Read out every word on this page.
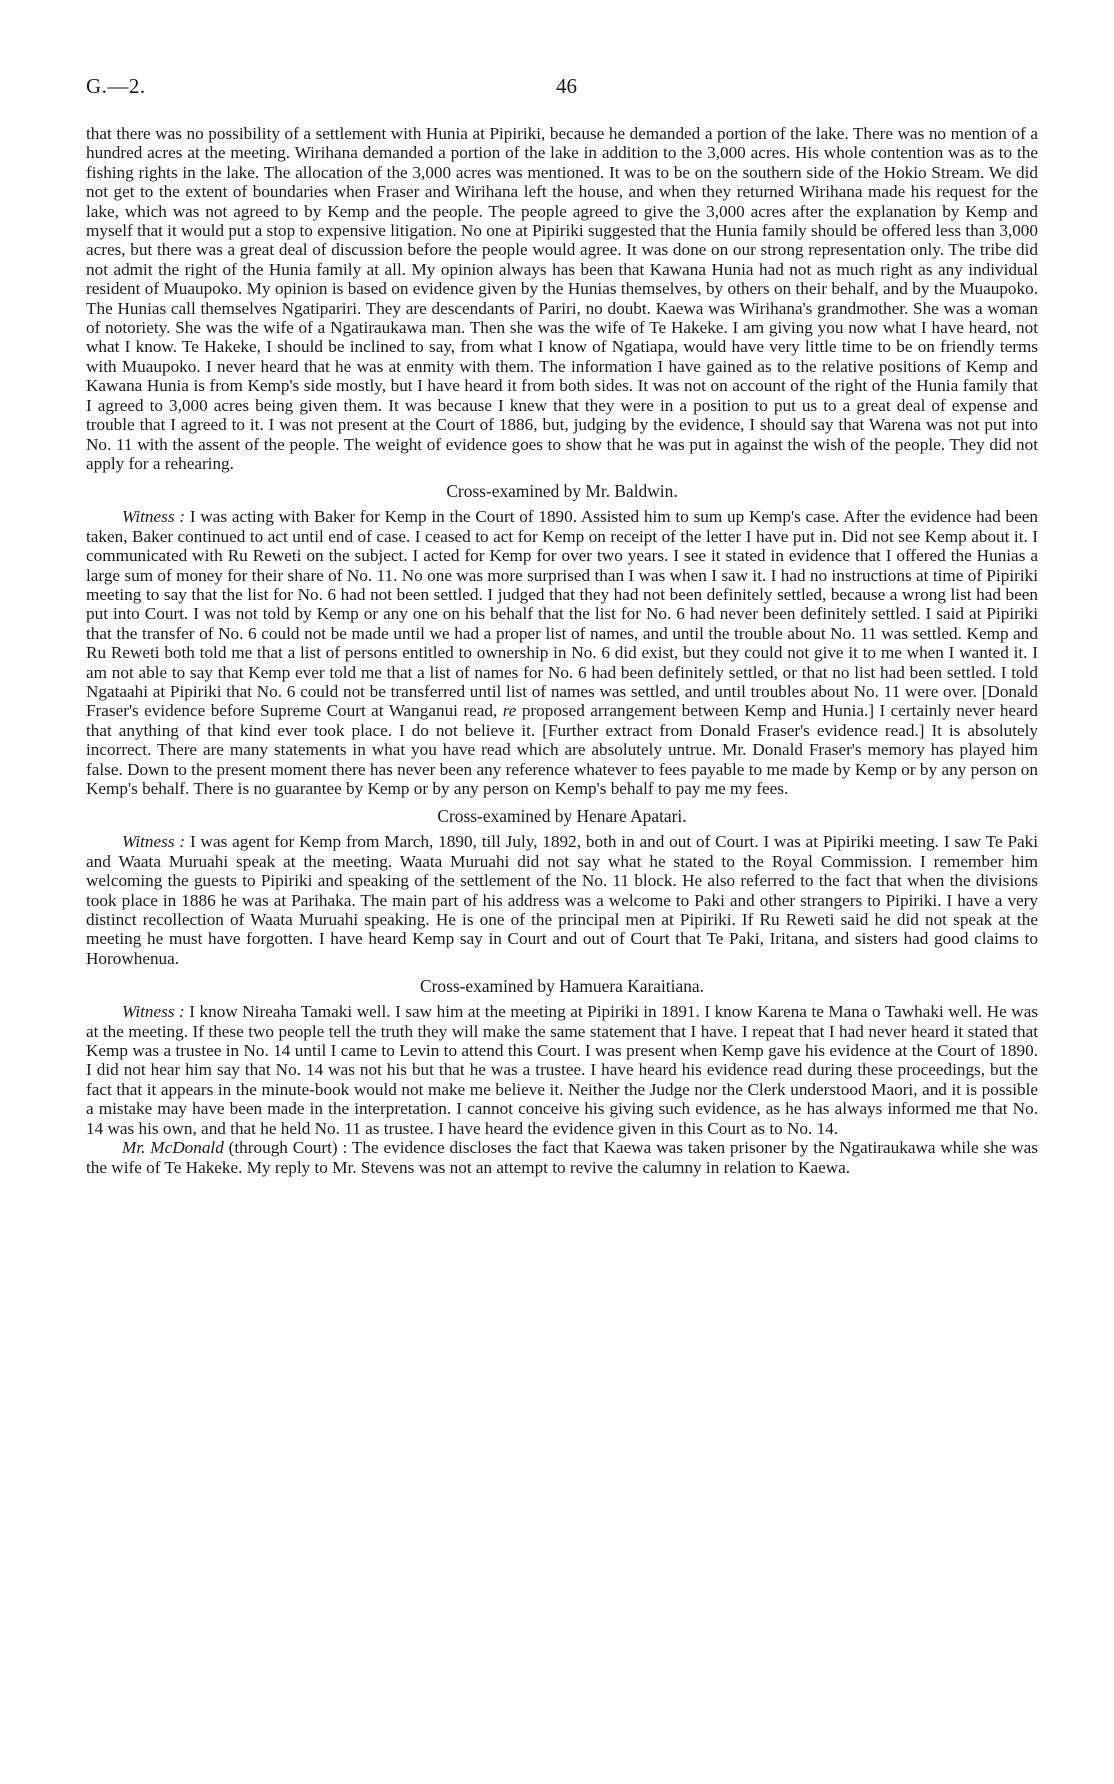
G.—2.	46

that there was no possibility of a settlement with Hunia at Pipiriki, because he demanded a portion of the lake. There was no mention of a hundred acres at the meeting. Wirihana demanded a portion of the lake in addition to the 3,000 acres. His whole contention was as to the fishing rights in the lake. The allocation of the 3,000 acres was mentioned. It was to be on the southern side of the Hokio Stream. We did not get to the extent of boundaries when Fraser and Wirihana left the house, and when they returned Wirihana made his request for the lake, which was not agreed to by Kemp and the people. The people agreed to give the 3,000 acres after the explanation by Kemp and myself that it would put a stop to expensive litigation. No one at Pipiriki suggested that the Hunia family should be offered less than 3,000 acres, but there was a great deal of discussion before the people would agree. It was done on our strong representation only. The tribe did not admit the right of the Hunia family at all. My opinion always has been that Kawana Hunia had not as much right as any individual resident of Muaupoko. My opinion is based on evidence given by the Hunias themselves, by others on their behalf, and by the Muaupoko. The Hunias call themselves Ngatipariri. They are descendants of Pariri, no doubt. Kaewa was Wirihana's grandmother. She was a woman of notoriety. She was the wife of a Ngatiraukawa man. Then she was the wife of Te Hakeke. I am giving you now what I have heard, not what I know. Te Hakeke, I should be inclined to say, from what I know of Ngatiapa, would have very little time to be on friendly terms with Muaupoko. I never heard that he was at enmity with them. The information I have gained as to the relative positions of Kemp and Kawana Hunia is from Kemp's side mostly, but I have heard it from both sides. It was not on account of the right of the Hunia family that I agreed to 3,000 acres being given them. It was because I knew that they were in a position to put us to a great deal of expense and trouble that I agreed to it. I was not present at the Court of 1886, but, judging by the evidence, I should say that Warena was not put into No. 11 with the assent of the people. The weight of evidence goes to show that he was put in against the wish of the people. They did not apply for a rehearing.

Cross-examined by Mr. Baldwin.

Witness : I was acting with Baker for Kemp in the Court of 1890. Assisted him to sum up Kemp's case. After the evidence had been taken, Baker continued to act until end of case. I ceased to act for Kemp on receipt of the letter I have put in. Did not see Kemp about it. I communicated with Ru Reweti on the subject. I acted for Kemp for over two years. I see it stated in evidence that I offered the Hunias a large sum of money for their share of No. 11. No one was more surprised than I was when I saw it. I had no instructions at time of Pipiriki meeting to say that the list for No. 6 had not been settled. I judged that they had not been definitely settled, because a wrong list had been put into Court. I was not told by Kemp or any one on his behalf that the list for No. 6 had never been definitely settled. I said at Pipiriki that the transfer of No. 6 could not be made until we had a proper list of names, and until the trouble about No. 11 was settled. Kemp and Ru Reweti both told me that a list of persons entitled to ownership in No. 6 did exist, but they could not give it to me when I wanted it. I am not able to say that Kemp ever told me that a list of names for No. 6 had been definitely settled, or that no list had been settled. I told Ngataahi at Pipiriki that No. 6 could not be transferred until list of names was settled, and until troubles about No. 11 were over. [Donald Fraser's evidence before Supreme Court at Wanganui read, re proposed arrangement between Kemp and Hunia.] I certainly never heard that anything of that kind ever took place. I do not believe it. [Further extract from Donald Fraser's evidence read.] It is absolutely incorrect. There are many statements in what you have read which are absolutely untrue. Mr. Donald Fraser's memory has played him false. Down to the present moment there has never been any reference whatever to fees payable to me made by Kemp or by any person on Kemp's behalf. There is no guarantee by Kemp or by any person on Kemp's behalf to pay me my fees.

Cross-examined by Henare Apatari.

Witness : I was agent for Kemp from March, 1890, till July, 1892, both in and out of Court. I was at Pipiriki meeting. I saw Te Paki and Waata Muruahi speak at the meeting. Waata Muruahi did not say what he stated to the Royal Commission. I remember him welcoming the guests to Pipiriki and speaking of the settlement of the No. 11 block. He also referred to the fact that when the divisions took place in 1886 he was at Parihaka. The main part of his address was a welcome to Paki and other strangers to Pipiriki. I have a very distinct recollection of Waata Muruahi speaking. He is one of the principal men at Pipiriki. If Ru Reweti said he did not speak at the meeting he must have forgotten. I have heard Kemp say in Court and out of Court that Te Paki, Iritana, and sisters had good claims to Horowhenua.

Cross-examined by Hamuera Karaitiana.

Witness : I know Nireaha Tamaki well. I saw him at the meeting at Pipiriki in 1891. I know Karena te Mana o Tawhaki well. He was at the meeting. If these two people tell the truth they will make the same statement that I have. I repeat that I had never heard it stated that Kemp was a trustee in No. 14 until I came to Levin to attend this Court. I was present when Kemp gave his evidence at the Court of 1890. I did not hear him say that No. 14 was not his but that he was a trustee. I have heard his evidence read during these proceedings, but the fact that it appears in the minute-book would not make me believe it. Neither the Judge nor the Clerk understood Maori, and it is possible a mistake may have been made in the interpretation. I cannot conceive his giving such evidence, as he has always informed me that No. 14 was his own, and that he held No. 11 as trustee. I have heard the evidence given in this Court as to No. 14.

Mr. McDonald (through Court) : The evidence discloses the fact that Kaewa was taken prisoner by the Ngatiraukawa while she was the wife of Te Hakeke. My reply to Mr. Stevens was not an attempt to revive the calumny in relation to Kaewa.
